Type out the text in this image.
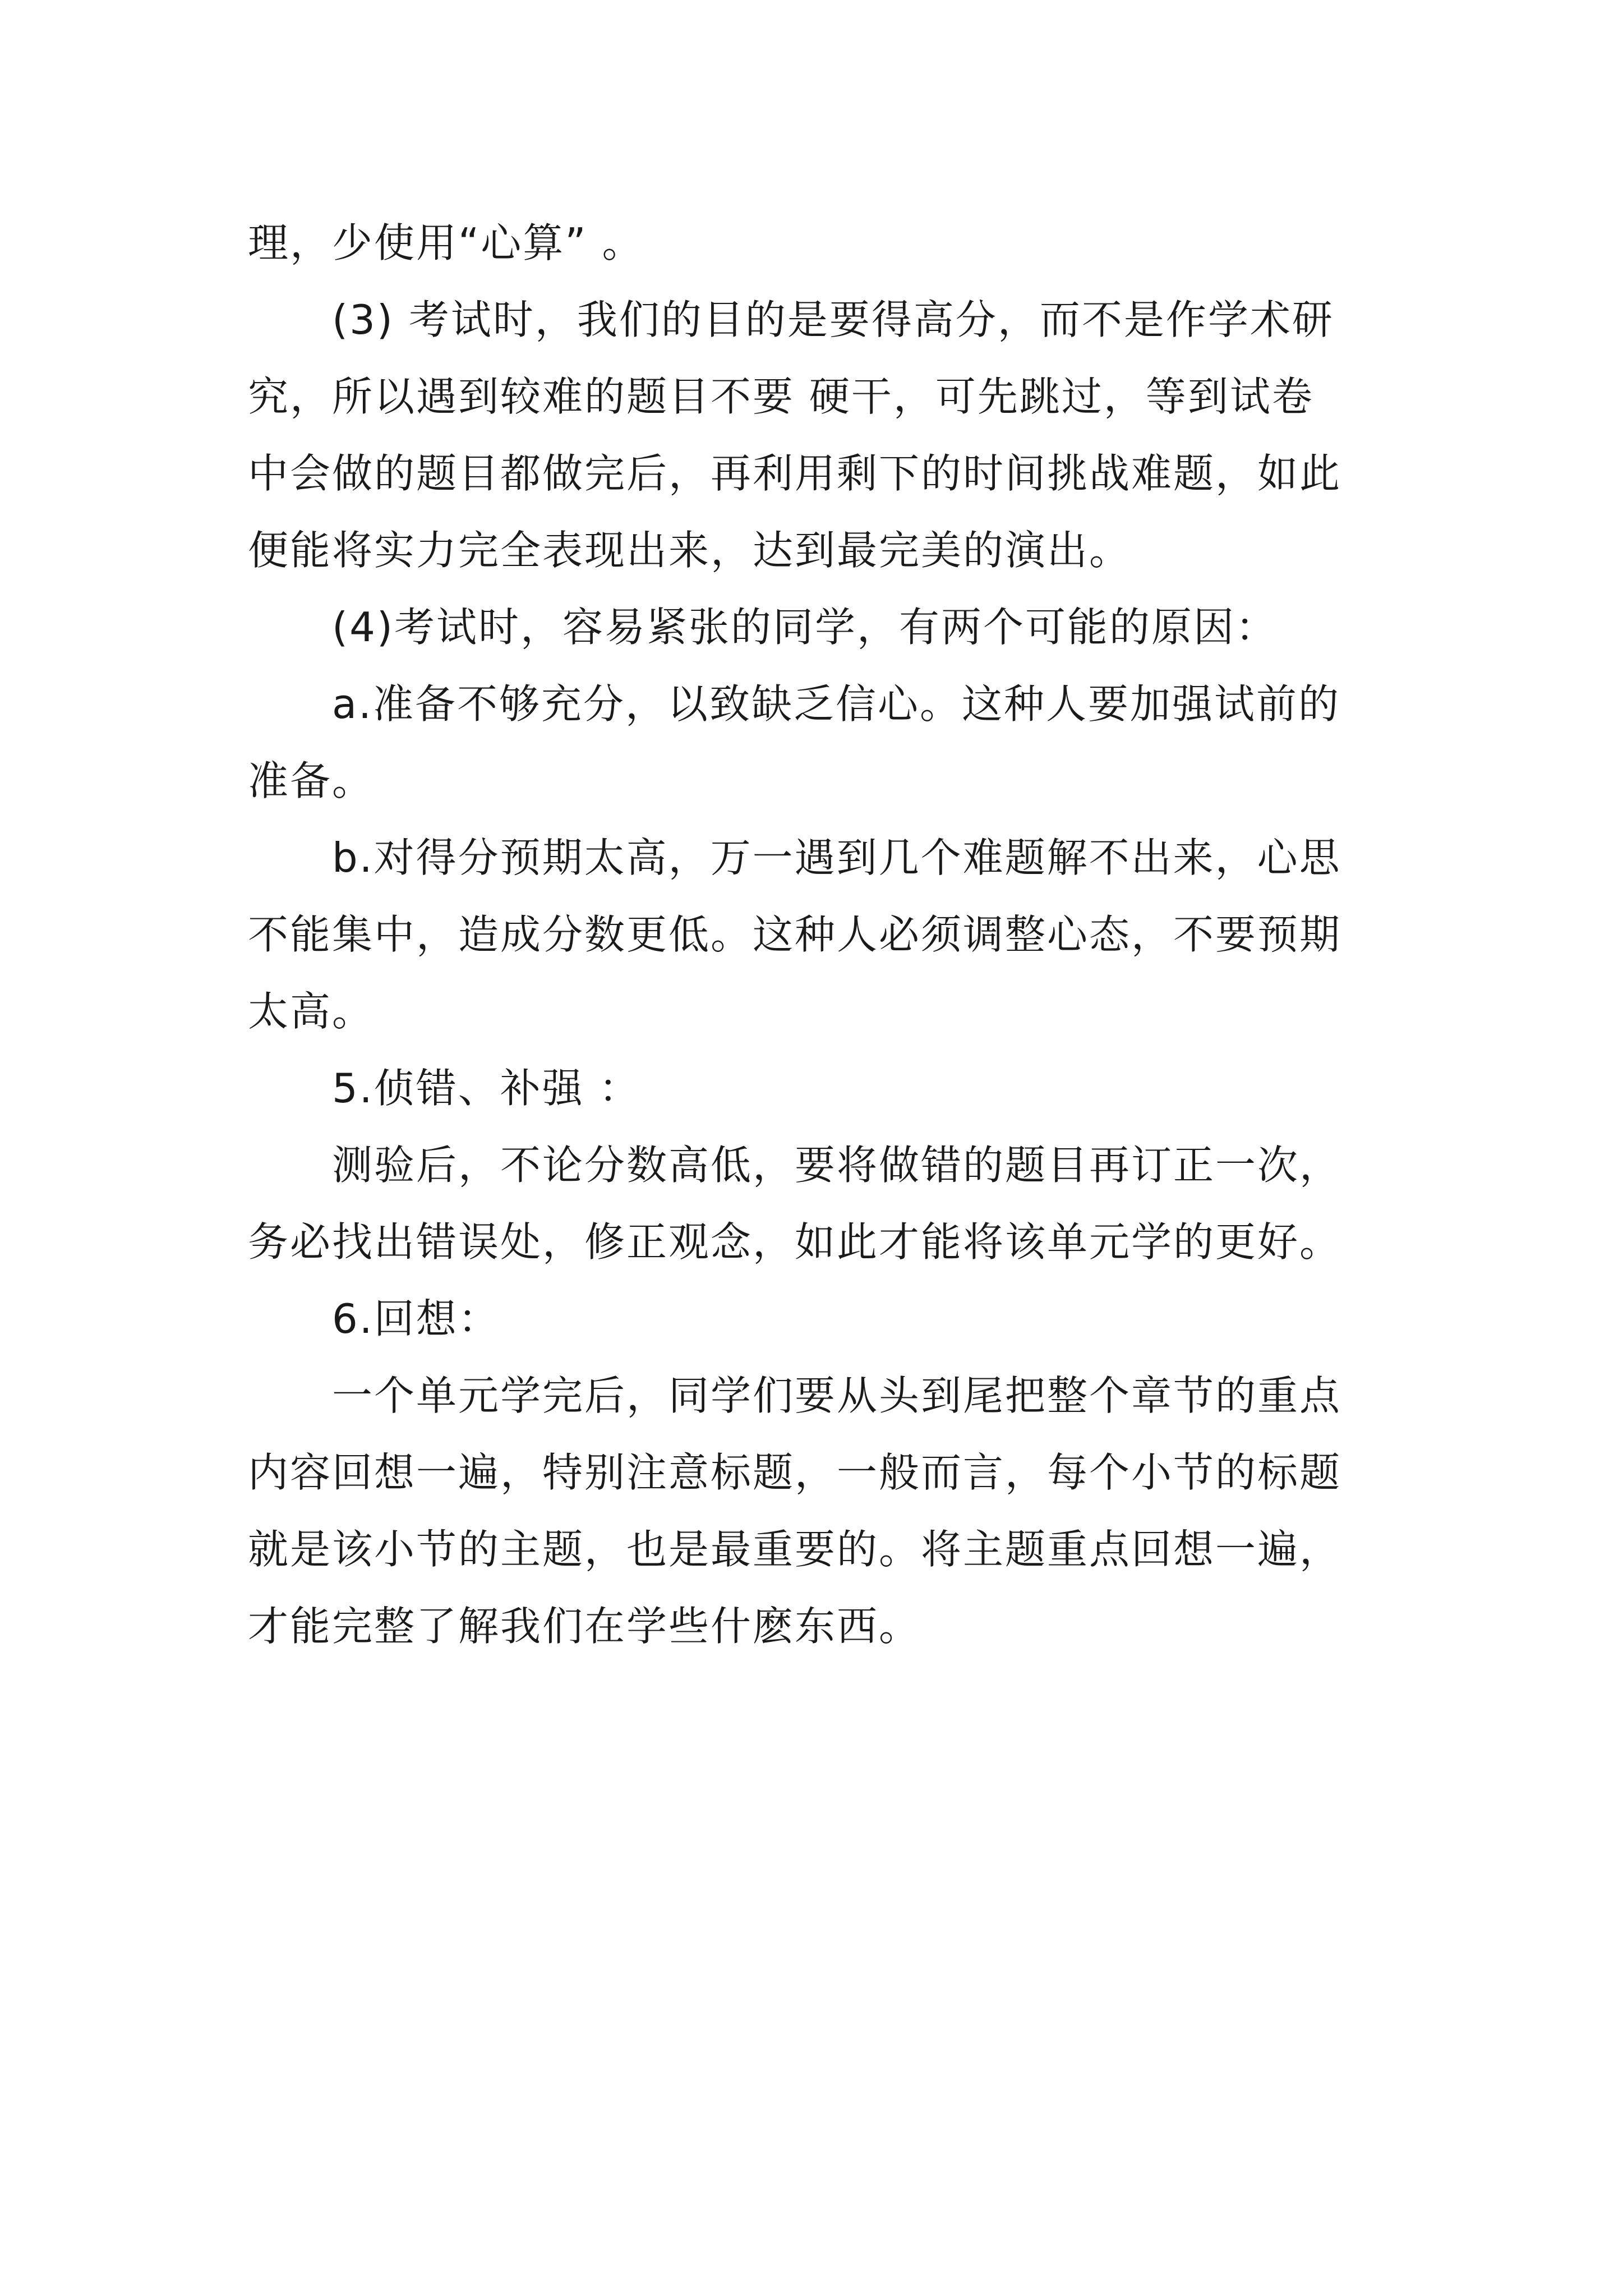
理，少使用“心算” 。
(3) 考试时，我们的目的是要得高分，而不是作学术研
究，所以遇到较难的题目不要 硬干，可先跳过，等到试卷
中会做的题目都做完后，再利用剩下的时间挑战难题，如此
便能将实力完全表现出来，达到最完美的演出。
(4)考试时，容易紧张的同学，有两个可能的原因：
a.准备不够充分，以致缺乏信心。这种人要加强试前的
准备。
b.对得分预期太高，万一遇到几个难题解不出来，心思
不能集中，造成分数更低。这种人必须调整心态，不要预期
太高。
5.侦错、补强 ：
测验后，不论分数高低，要将做错的题目再订正一次，
务必找出错误处，修正观念，如此才能将该单元学的更好。
6.回想：
一个单元学完后，同学们要从头到尾把整个章节的重点
内容回想一遍，特别注意标题，一般而言，每个小节的标题
就是该小节的主题，也是最重要的。将主题重点回想一遍，
才能完整了解我们在学些什麽东西。
